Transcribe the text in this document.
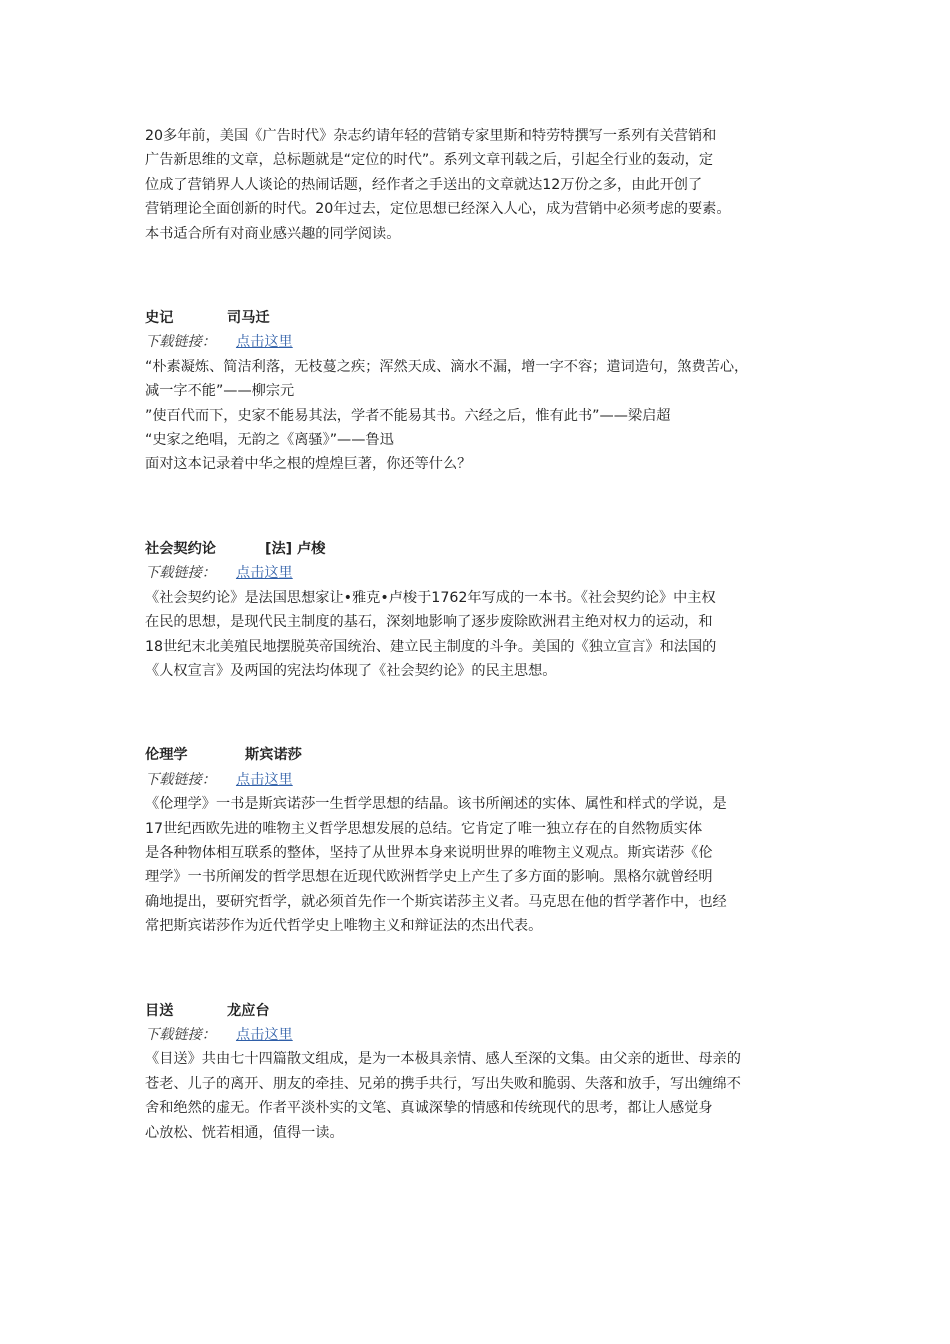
20多年前，美国《广告时代》杂志约请年轻的营销专家里斯和特劳特撰写一系列有关营销和

广告新思维的文章，总标题就是“定位的时代”。系列文章刊载之后，引起全行业的轰动，定

位成了营销界人人谈论的热闹话题，经作者之手送出的文章就达12万份之多，由此开创了

营销理论全面创新的时代。20年过去，定位思想已经深入人心，成为营销中必须考虑的要素。

本书适合所有对商业感兴趣的同学阅读。

史记	司马迁

下载链接： 点击这里

“朴素凝炼、简洁利落，无枝蔓之疾；浑然天成、滴水不漏，增一字不容；遣词造句，煞费苦心，

减一字不能”——柳宗元

”使百代而下，史家不能易其法，学者不能易其书。六经之后，惟有此书”——梁启超

“史家之绝唱，无韵之《离骚》”——鲁迅

面对这本记录着中华之根的煌煌巨著，你还等什么？

社会契约论	[法] 卢梭

下载链接： 点击这里

《社会契约论》是法国思想家让•雅克•卢梭于1762年写成的一本书。《社会契约论》中主权

在民的思想，是现代民主制度的基石，深刻地影响了逐步废除欧洲君主绝对权力的运动，和

18世纪末北美殖民地摆脱英帝国统治、建立民主制度的斗争。美国的《独立宣言》和法国的

《人权宣言》及两国的宪法均体现了《社会契约论》的民主思想。

伦理学	斯宾诺莎

下载链接： 点击这里

《伦理学》一书是斯宾诺莎一生哲学思想的结晶。该书所阐述的实体、属性和样式的学说，是

17世纪西欧先进的唯物主义哲学思想发展的总结。它肯定了唯一独立存在的自然物质实体

是各种物体相互联系的整体，坚持了从世界本身来说明世界的唯物主义观点。斯宾诺莎《伦

理学》一书所阐发的哲学思想在近现代欧洲哲学史上产生了多方面的影响。黑格尔就曾经明

确地提出，要研究哲学，就必须首先作一个斯宾诺莎主义者。马克思在他的哲学著作中，也经

常把斯宾诺莎作为近代哲学史上唯物主义和辩证法的杰出代表。

目送	龙应台

下载链接： 点击这里

《目送》共由七十四篇散文组成，是为一本极具亲情、感人至深的文集。由父亲的逝世、母亲的

苍老、儿子的离开、朋友的牵挂、兄弟的携手共行，写出失败和脆弱、失落和放手，写出缠绵不

舍和绝然的虚无。作者平淡朴实的文笔、真诚深挚的情感和传统现代的思考，都让人感觉身

心放松、恍若相通，值得一读。
